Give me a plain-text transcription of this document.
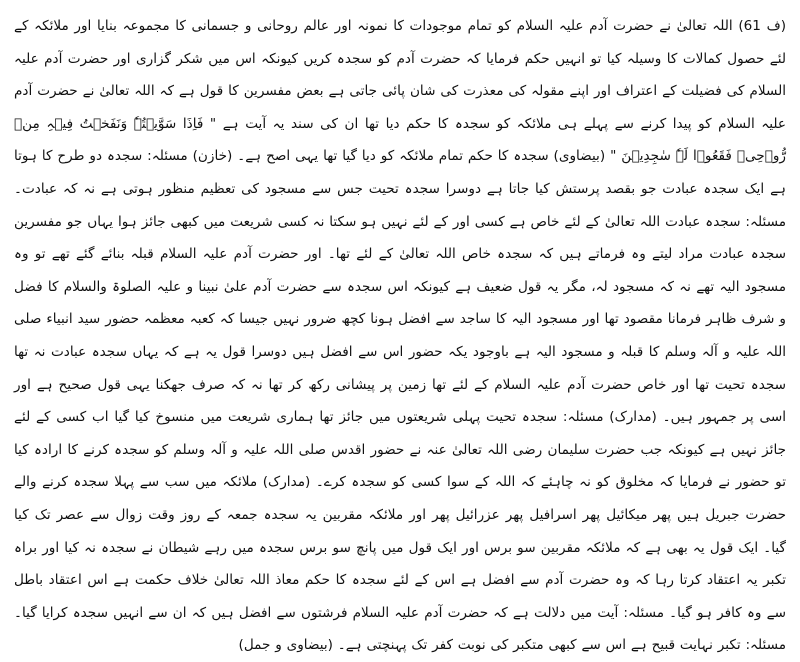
(ف 61) اللہ تعالیٰ نے حضرت آدم علیہ السلام کو تمام موجودات کا نمونہ اور عالم روحانی و جسمانی کا مجموعہ بنایا اور ملائکہ کے لئے حصول کمالات کا وسیلہ کیا تو انہیں حکم فرمایا کہ حضرت آدم کو سجدہ کریں کیونکہ اس میں شکر گزاری اور حضرت آدم علیہ السلام کی فضیلت کے اعتراف اور اپنے مقولہ کی معذرت کی شان پائی جاتی ہے بعض مفسرین کا قول ہے کہ اللہ تعالیٰ نے حضرت آدم علیہ السلام کو پیدا کرنے سے پہلے ہی ملائکہ کو سجدہ کا حکم دیا تھا ان کی سند یہ آیت ہے " فَاِذَا سَوَّیۡتُہٗ وَنَفَخۡتُ فِیۡہِ مِنۡ رُّوۡحِیۡ فَقَعُوۡا لَہٗ سٰجِدِیۡنَ " (بیضاوی) سجدہ کا حکم تمام ملائکہ کو دیا گیا تھا یہی اصح ہے۔ (خازن) مسئلہ: سجدہ دو طرح کا ہوتا ہے ایک سجدہ عبادت جو بقصد پرستش کیا جاتا ہے دوسرا سجدہ تحیت جس سے مسجود کی تعظیم منظور ہوتی ہے نہ کہ عبادت۔ مسئلہ: سجدہ عبادت اللہ تعالیٰ کے لئے خاص ہے کسی اور کے لئے نہیں ہو سکتا نہ کسی شریعت میں کبھی جائز ہوا یہاں جو مفسرین سجدہ عبادت مراد لیتے وہ فرماتے ہیں کہ سجدہ خاص اللہ تعالیٰ کے لئے تھا۔ اور حضرت آدم علیہ السلام قبلہ بنائے گئے تھے تو وہ مسجود الیہ تھے نہ کہ مسجود لہ، مگر یہ قول ضعیف ہے کیونکہ اس سجدہ سے حضرت آدم علیٰ نبینا و علیہ الصلوۃ والسلام کا فضل و شرف ظاہر فرمانا مقصود تھا اور مسجود الیہ کا ساجد سے افضل ہونا کچھ ضرور نہیں جیسا کہ کعبہ معظمہ حضور سید انبیاء صلی اللہ علیہ و آلہ وسلم کا قبلہ و مسجود الیہ ہے باوجود یکہ حضور اس سے افضل ہیں دوسرا قول یہ ہے کہ یہاں سجدہ عبادت نہ تھا سجدہ تحیت تھا اور خاص حضرت آدم علیہ السلام کے لئے تھا زمین پر پیشانی رکھ کر تھا نہ کہ صرف جھکنا یہی قول صحیح ہے اور اسی پر جمہور ہیں۔ (مدارک) مسئلہ: سجدہ تحیت پہلی شریعتوں میں جائز تھا ہماری شریعت میں منسوخ کیا گیا اب کسی کے لئے جائز نہیں ہے کیونکہ جب حضرت سلیمان رضی اللہ تعالیٰ عنہ نے حضور اقدس صلی اللہ علیہ و آلہ وسلم کو سجدہ کرنے کا ارادہ کیا تو حضور نے فرمایا کہ مخلوق کو نہ چاہئے کہ اللہ کے سوا کسی کو سجدہ کرے۔ (مدارک) ملائکہ میں سب سے پہلا سجدہ کرنے والے حضرت جبریل ہیں پھر میکائیل پھر اسرافیل پھر عزرائیل پھر اور ملائکہ مقربین یہ سجدہ جمعہ کے روز وقت زوال سے عصر تک کیا گیا۔ ایک قول یہ بھی ہے کہ ملائکہ مقربین سو برس اور ایک قول میں پانچ سو برس سجدہ میں رہے شیطان نے سجدہ نہ کیا اور براہ تکبر یہ اعتقاد کرتا رہا کہ وہ حضرت آدم سے افضل ہے اس کے لئے سجدہ کا حکم معاذ اللہ تعالیٰ خلاف حکمت ہے اس اعتقاد باطل سے وہ کافر ہو گیا۔ مسئلہ: آیت میں دلالت ہے کہ حضرت آدم علیہ السلام فرشتوں سے افضل ہیں کہ ان سے انہیں سجدہ کرایا گیا۔ مسئلہ: تکبر نہایت قبیح ہے اس سے کبھی متکبر کی نوبت کفر تک پہنچتی ہے۔ (بیضاوی و جمل)
